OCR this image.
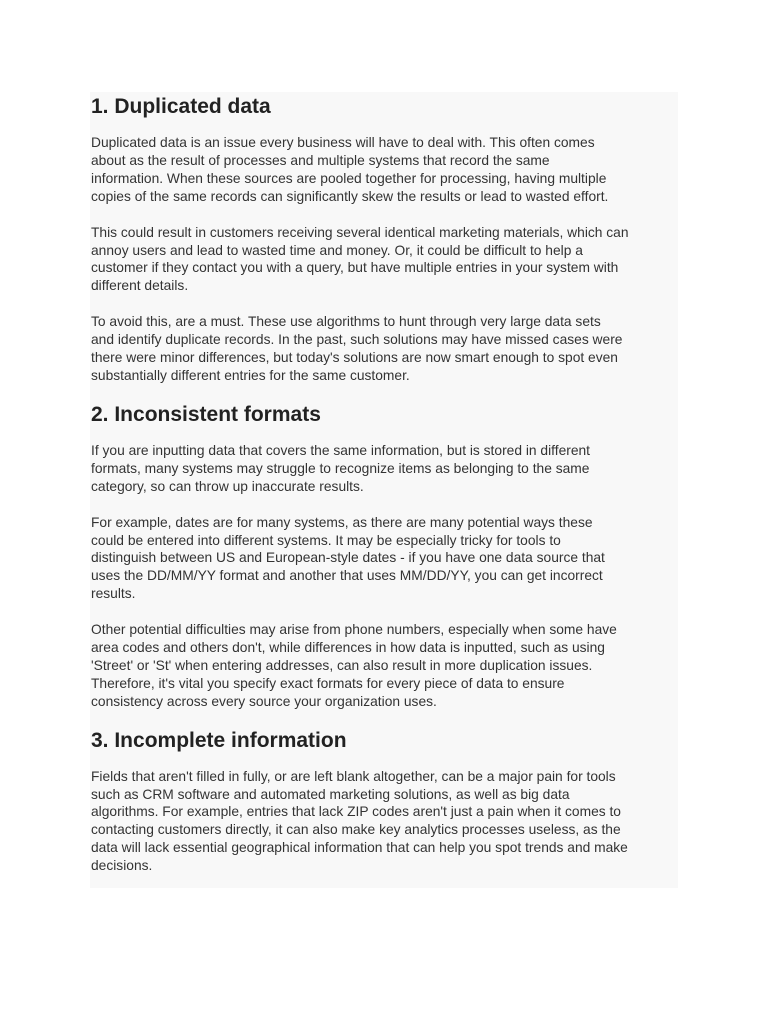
1. Duplicated data

Duplicated data is an issue every business will have to deal with. This often comes
about as the result of processes and multiple systems that record the same
information. When these sources are pooled together for processing, having multiple
copies of the same records can significantly skew the results or lead to wasted effort.

This could result in customers receiving several identical marketing materials, which can
annoy users and lead to wasted time and money. Or, it could be difficult to help a
customer if they contact you with a query, but have multiple entries in your system with
different details.

To avoid this, are a must. These use algorithms to hunt through very large data sets
and identify duplicate records. In the past, such solutions may have missed cases were
there were minor differences, but today's solutions are now smart enough to spot even
substantially different entries for the same customer.

2. Inconsistent formats

If you are inputting data that covers the same information, but is stored in different
formats, many systems may struggle to recognize items as belonging to the same
category, so can throw up inaccurate results.

For example, dates are for many systems, as there are many potential ways these
could be entered into different systems. It may be especially tricky for tools to
distinguish between US and European-style dates - if you have one data source that
uses the DD/MM/YY format and another that uses MM/DD/YY, you can get incorrect
results.

Other potential difficulties may arise from phone numbers, especially when some have
area codes and others don't, while differences in how data is inputted, such as using
'Street' or 'St' when entering addresses, can also result in more duplication issues.
Therefore, it's vital you specify exact formats for every piece of data to ensure
consistency across every source your organization uses.

3. Incomplete information

Fields that aren't filled in fully, or are left blank altogether, can be a major pain for tools
such as CRM software and automated marketing solutions, as well as big data
algorithms. For example, entries that lack ZIP codes aren't just a pain when it comes to
contacting customers directly, it can also make key analytics processes useless, as the
data will lack essential geographical information that can help you spot trends and make
decisions.
